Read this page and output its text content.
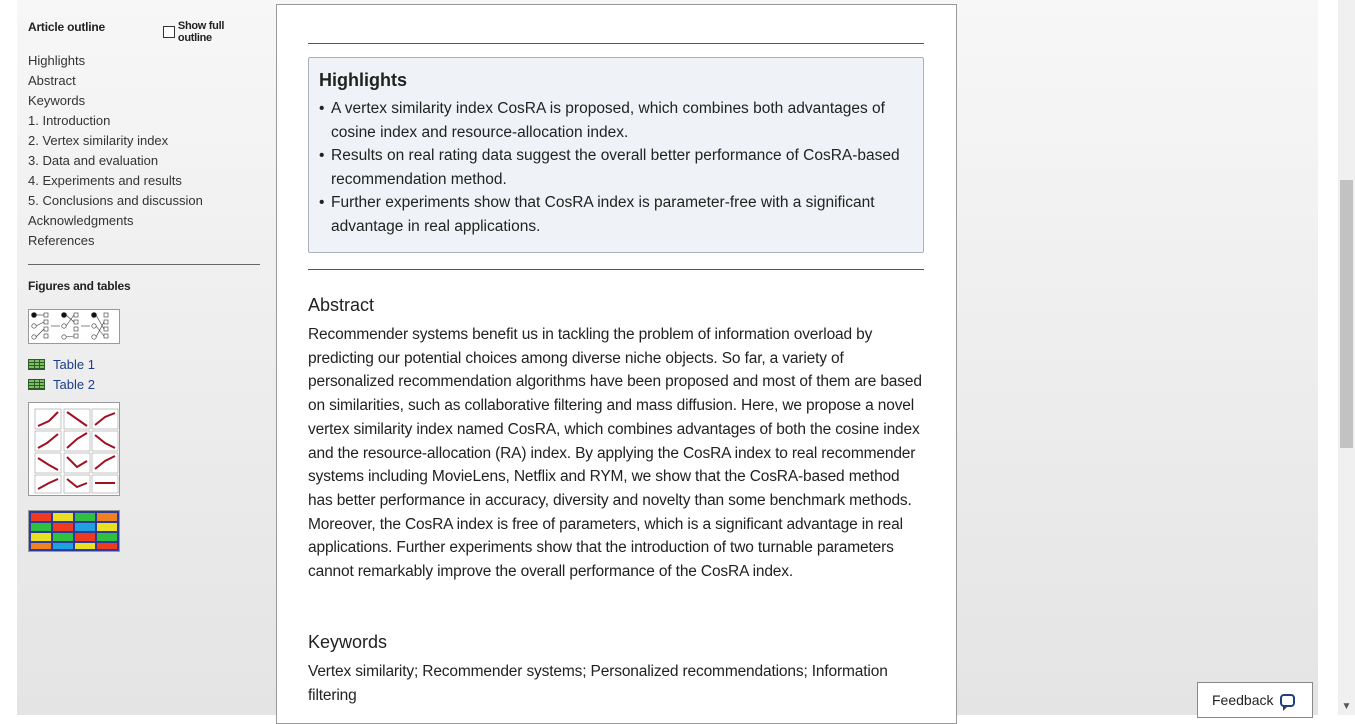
Article outline	Show full outline
Highlights
Abstract
Keywords
1. Introduction
2. Vertex similarity index
3. Data and evaluation
4. Experiments and results
5. Conclusions and discussion
Acknowledgments
References
Figures and tables
Table 1
Table 2
Highlights
• A vertex similarity index CosRA is proposed, which combines both advantages of cosine index and resource-allocation index.
• Results on real rating data suggest the overall better performance of CosRA-based recommendation method.
• Further experiments show that CosRA index is parameter-free with a significant advantage in real applications.
Abstract
Recommender systems benefit us in tackling the problem of information overload by predicting our potential choices among diverse niche objects. So far, a variety of personalized recommendation algorithms have been proposed and most of them are based on similarities, such as collaborative filtering and mass diffusion. Here, we propose a novel vertex similarity index named CosRA, which combines advantages of both the cosine index and the resource-allocation (RA) index. By applying the CosRA index to real recommender systems including MovieLens, Netflix and RYM, we show that the CosRA-based method has better performance in accuracy, diversity and novelty than some benchmark methods. Moreover, the CosRA index is free of parameters, which is a significant advantage in real applications. Further experiments show that the introduction of two turnable parameters cannot remarkably improve the overall performance of the CosRA index.
Keywords
Vertex similarity; Recommender systems; Personalized recommendations; Information filtering
▼
Feedback
